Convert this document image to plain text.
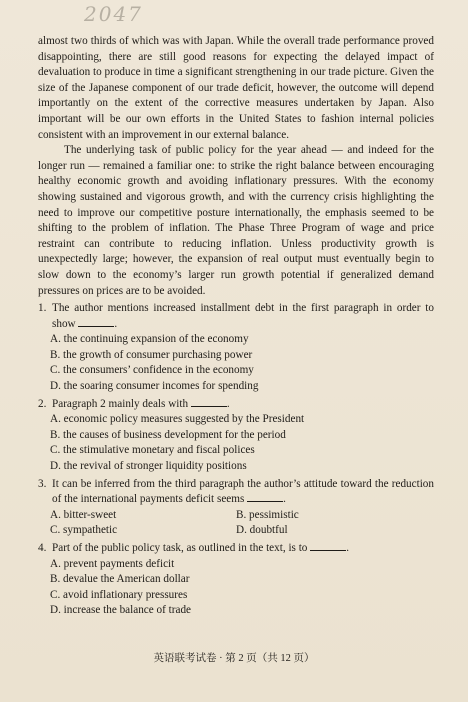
2047

almost two thirds of which was with Japan. While the overall trade performance proved disappointing, there are still good reasons for expecting the delayed impact of devaluation to produce in time a significant strengthening in our trade picture. Given the size of the Japanese component of our trade deficit, however, the outcome will depend importantly on the extent of the corrective measures undertaken by Japan. Also important will be our own efforts in the United States to fashion internal policies consistent with an improvement in our external balance.

The underlying task of public policy for the year ahead — and indeed for the longer run — remained a familiar one: to strike the right balance between encouraging healthy economic growth and avoiding inflationary pressures. With the economy showing sustained and vigorous growth, and with the currency crisis highlighting the need to improve our competitive posture internationally, the emphasis seemed to be shifting to the problem of inflation. The Phase Three Program of wage and price restraint can contribute to reducing inflation. Unless productivity growth is unexpectedly large; however, the expansion of real output must eventually begin to slow down to the economy’s larger run growth potential if generalized demand pressures on prices are to be avoided.

1. The author mentions increased installment debt in the first paragraph in order to show	.
A. the continuing expansion of the economy
B. the growth of consumer purchasing power
C. the consumers’ confidence in the economy
D. the soaring consumer incomes for spending
2. Paragraph 2 mainly deals with	.
A. economic policy measures suggested by the President
B. the causes of business development for the period
C. the stimulative monetary and fiscal polices
D. the revival of stronger liquidity positions
3. It can be inferred from the third paragraph the author’s attitude toward the reduction of the international payments deficit seems	.
A. bitter-sweet	B. pessimistic
C. sympathetic	D. doubtful
4. Part of the public policy task, as outlined in the text, is to	.
A. prevent payments deficit
B. devalue the American dollar
C. avoid inflationary pressures
D. increase the balance of trade
英语联考试卷 · 第 2 页（共 12 页）
